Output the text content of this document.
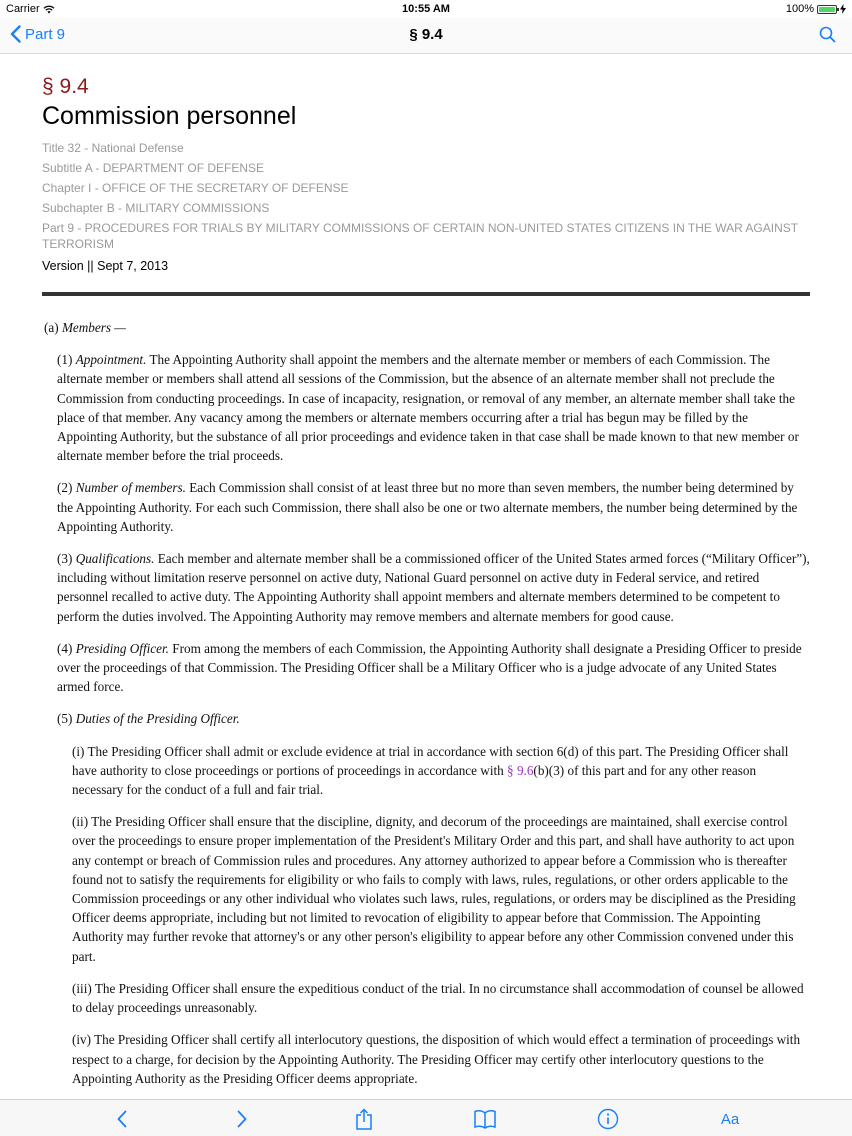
Carrier	10:55 AM	100%
Part 9	§ 9.4
§ 9.4
Commission personnel
Title 32 - National Defense
Subtitle A - DEPARTMENT OF DEFENSE
Chapter I - OFFICE OF THE SECRETARY OF DEFENSE
Subchapter B - MILITARY COMMISSIONS
Part 9 - PROCEDURES FOR TRIALS BY MILITARY COMMISSIONS OF CERTAIN NON-UNITED STATES CITIZENS IN THE WAR AGAINST TERRORISM
Version || Sept 7, 2013

(a) Members —

(1) Appointment. The Appointing Authority shall appoint the members and the alternate member or members of each Commission. The alternate member or members shall attend all sessions of the Commission, but the absence of an alternate member shall not preclude the Commission from conducting proceedings. In case of incapacity, resignation, or removal of any member, an alternate member shall take the place of that member. Any vacancy among the members or alternate members occurring after a trial has begun may be filled by the Appointing Authority, but the substance of all prior proceedings and evidence taken in that case shall be made known to that new member or alternate member before the trial proceeds.

(2) Number of members. Each Commission shall consist of at least three but no more than seven members, the number being determined by the Appointing Authority. For each such Commission, there shall also be one or two alternate members, the number being determined by the Appointing Authority.

(3) Qualifications. Each member and alternate member shall be a commissioned officer of the United States armed forces (“Military Officer”), including without limitation reserve personnel on active duty, National Guard personnel on active duty in Federal service, and retired personnel recalled to active duty. The Appointing Authority shall appoint members and alternate members determined to be competent to perform the duties involved. The Appointing Authority may remove members and alternate members for good cause.

(4) Presiding Officer. From among the members of each Commission, the Appointing Authority shall designate a Presiding Officer to preside over the proceedings of that Commission. The Presiding Officer shall be a Military Officer who is a judge advocate of any United States armed force.

(5) Duties of the Presiding Officer.

(i) The Presiding Officer shall admit or exclude evidence at trial in accordance with section 6(d) of this part. The Presiding Officer shall have authority to close proceedings or portions of proceedings in accordance with § 9.6(b)(3) of this part and for any other reason necessary for the conduct of a full and fair trial.

(ii) The Presiding Officer shall ensure that the discipline, dignity, and decorum of the proceedings are maintained, shall exercise control over the proceedings to ensure proper implementation of the President's Military Order and this part, and shall have authority to act upon any contempt or breach of Commission rules and procedures. Any attorney authorized to appear before a Commission who is thereafter found not to satisfy the requirements for eligibility or who fails to comply with laws, rules, regulations, or other orders applicable to the Commission proceedings or any other individual who violates such laws, rules, regulations, or orders may be disciplined as the Presiding Officer deems appropriate, including but not limited to revocation of eligibility to appear before that Commission. The Appointing Authority may further revoke that attorney's or any other person's eligibility to appear before any other Commission convened under this part.

(iii) The Presiding Officer shall ensure the expeditious conduct of the trial. In no circumstance shall accommodation of counsel be allowed to delay proceedings unreasonably.

(iv) The Presiding Officer shall certify all interlocutory questions, the disposition of which would effect a termination of proceedings with respect to a charge, for decision by the Appointing Authority. The Presiding Officer may certify other interlocutory questions to the Appointing Authority as the Presiding Officer deems appropriate.

Aa
